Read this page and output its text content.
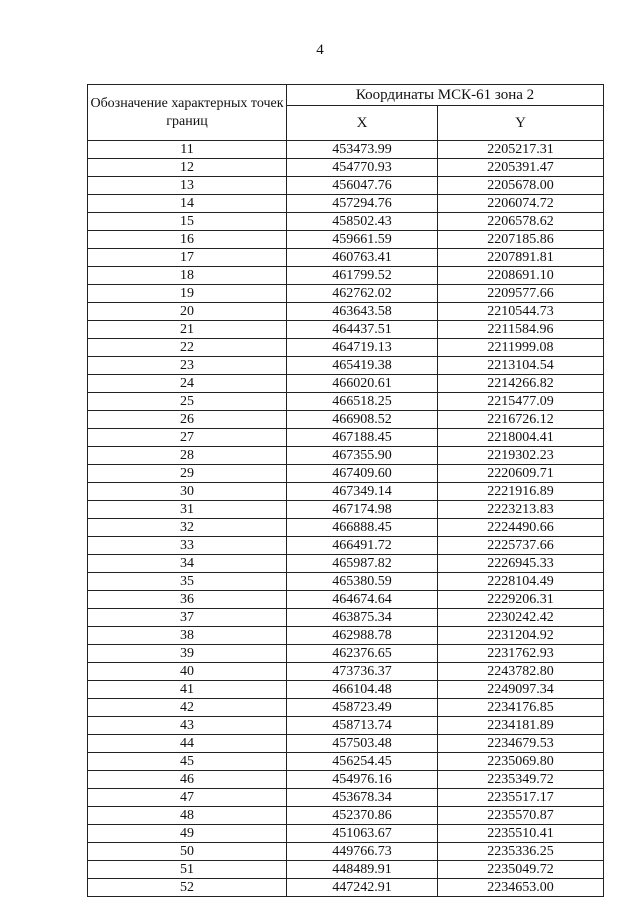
4
Обозначение характерных точек границ	Координаты МСК-61 зона 2	
	X	Y
11	453473.99	2205217.31
12	454770.93	2205391.47
13	456047.76	2205678.00
14	457294.76	2206074.72
15	458502.43	2206578.62
16	459661.59	2207185.86
17	460763.41	2207891.81
18	461799.52	2208691.10
19	462762.02	2209577.66
20	463643.58	2210544.73
21	464437.51	2211584.96
22	464719.13	2211999.08
23	465419.38	2213104.54
24	466020.61	2214266.82
25	466518.25	2215477.09
26	466908.52	2216726.12
27	467188.45	2218004.41
28	467355.90	2219302.23
29	467409.60	2220609.71
30	467349.14	2221916.89
31	467174.98	2223213.83
32	466888.45	2224490.66
33	466491.72	2225737.66
34	465987.82	2226945.33
35	465380.59	2228104.49
36	464674.64	2229206.31
37	463875.34	2230242.42
38	462988.78	2231204.92
39	462376.65	2231762.93
40	473736.37	2243782.80
41	466104.48	2249097.34
42	458723.49	2234176.85
43	458713.74	2234181.89
44	457503.48	2234679.53
45	456254.45	2235069.80
46	454976.16	2235349.72
47	453678.34	2235517.17
48	452370.86	2235570.87
49	451063.67	2235510.41
50	449766.73	2235336.25
51	448489.91	2235049.72
52	447242.91	2234653.00
